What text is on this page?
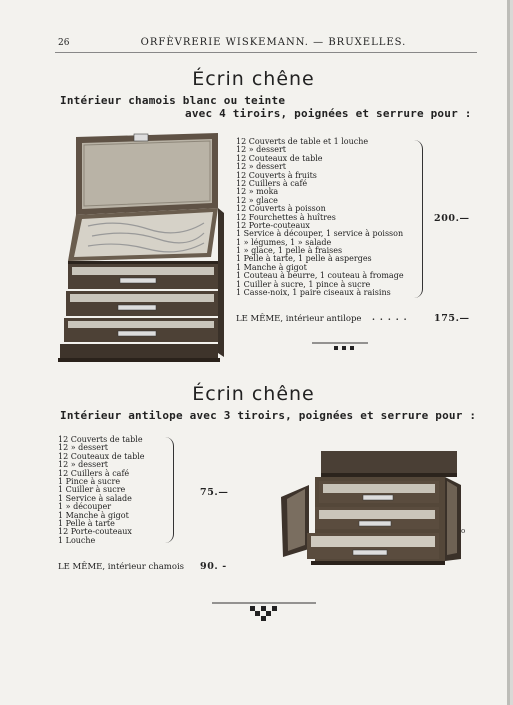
26	ORFÈVRERIE WISKEMANN. — BRUXELLES.
Écrin chêne
Intérieur chamois blanc ou teinte
avec 4 tiroirs, poignées et serrure pour :
12 Couverts de table et 1 louche
12 » dessert
12 Couteaux de table
12 » dessert
12 Couverts à fruits
12 Cuillers à café
12 » moka
12 » glace
12 Couverts à poisson
12 Fourchettes à huîtres
12 Porte-couteaux
1 Service à découper, 1 service à poisson
1 » légumes, 1 » salade
1 » glace, 1 pelle à fraises
1 Pelle à tarte, 1 pelle à asperges
1 Manche à gigot
1 Couteau à beurre, 1 couteau à fromage
1 Cuiller à sucre, 1 pince à sucre
1 Casse-noix, 1 paire ciseaux à raisins
200.—
LE MÊME, intérieur antilope . . . . .	175.—
Écrin chêne
Intérieur antilope avec 3 tiroirs, poignées et serrure pour :
12 Couverts de table
12 » dessert
12 Couteaux de table
12 » dessert
12 Cuillers à café
1 Pince à sucre
1 Cuiller à sucre
1 Service à salade
1 » découper
1 Manche à gigot
1 Pelle à tarte
12 Porte-couteaux
1 Louche
75.—
o
LE MÊME, intérieur chamois 90. -
